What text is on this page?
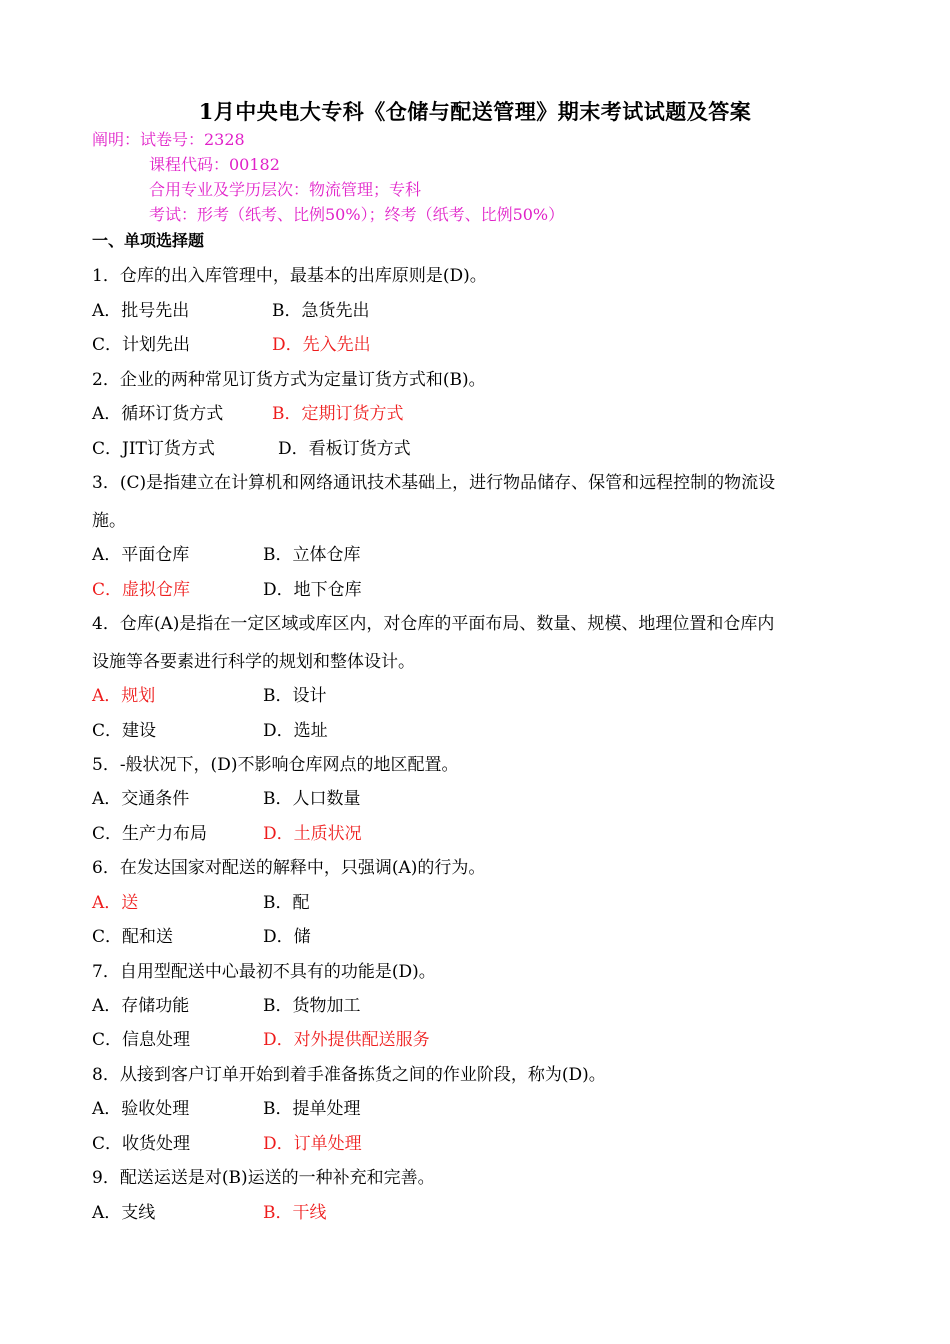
1月中央电大专科《仓储与配送管理》期末考试试题及答案
阐明：试卷号：2328
课程代码：00182
合用专业及学历层次：物流管理；专科
考试：形考（纸考、比例50%）；终考（纸考、比例50%）
一、单项选择题
1．仓库的出入库管理中，最基本的出库原则是(D)。
A．批号先出	B．急货先出
C．计划先出	D．先入先出
2．企业的两种常见订货方式为定量订货方式和(B)。
A．循环订货方式	B．定期订货方式
C．JIT订货方式	D．看板订货方式
3．(C)是指建立在计算机和网络通讯技术基础上，进行物品储存、保管和远程控制的物流设
施。
A．平面仓库	B．立体仓库
C．虚拟仓库	D．地下仓库
4．仓库(A)是指在一定区域或库区内，对仓库的平面布局、数量、规模、地理位置和仓库内
设施等各要素进行科学的规划和整体设计。
A．规划	B．设计
C．建设	D．选址
5．-般状况下，(D)不影响仓库网点的地区配置。
A．交通条件	B．人口数量
C．生产力布局	D．土质状况
6．在发达国家对配送的解释中，只强调(A)的行为。
A．送	B．配
C．配和送	D．储
7．自用型配送中心最初不具有的功能是(D)。
A．存储功能	B．货物加工
C．信息处理	D．对外提供配送服务
8．从接到客户订单开始到着手准备拣货之间的作业阶段，称为(D)。
A．验收处理	B．提单处理
C．收货处理	D．订单处理
9．配送运送是对(B)运送的一种补充和完善。
A．支线	B．干线
